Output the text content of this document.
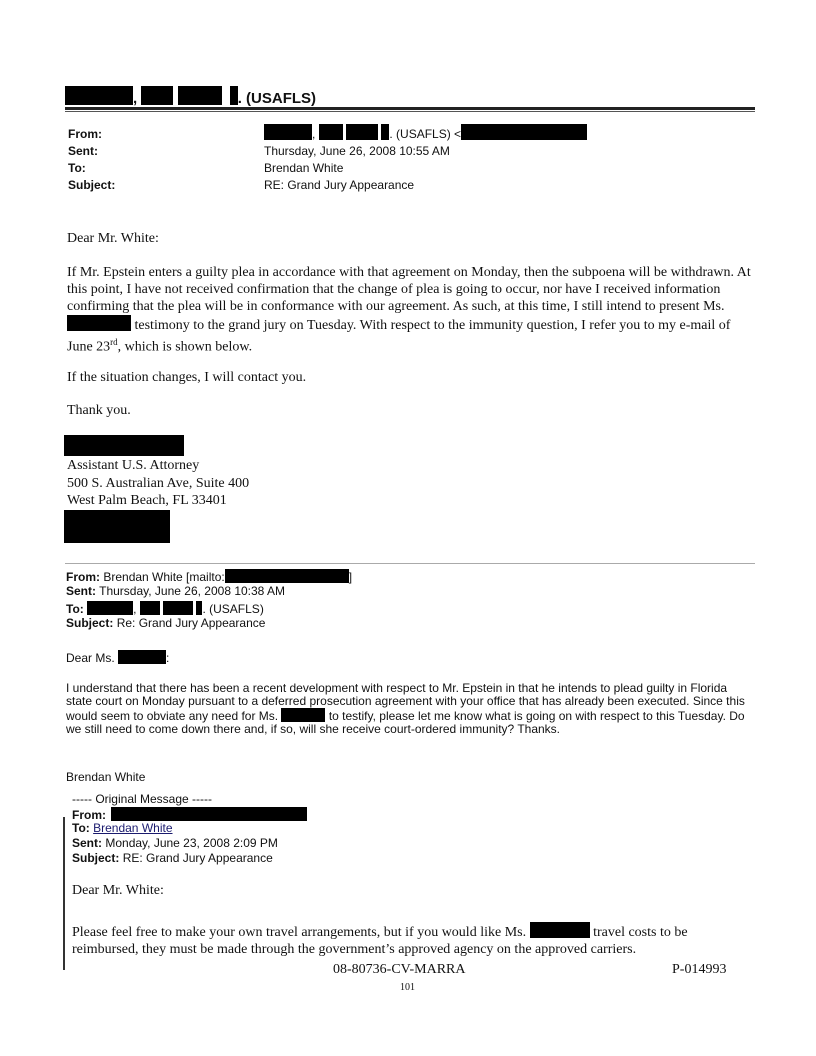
,	. (USAFLS)
From:	,	. (USAFLS) <
Sent:	Thursday, June 26, 2008 10:55 AM
To:	Brendan White
Subject:	RE: Grand Jury Appearance
Dear Mr. White:
If Mr. Epstein enters a guilty plea in accordance with that agreement on Monday, then the subpoena will be withdrawn. At this point, I have not received confirmation that the change of plea is going to occur, nor have I received information confirming that the plea will be in conformance with our agreement. As such, at this time, I still intend to present Ms.  testimony to the grand jury on Tuesday. With respect to the immunity question, I refer you to my e-mail of June 23rd, which is shown below.
If the situation changes, I will contact you.
Thank you.
Assistant U.S. Attorney
500 S. Australian Ave, Suite 400
West Palm Beach, FL 33401
From: Brendan White [mailto:	]
Sent: Thursday, June 26, 2008 10:38 AM
To:	,	. (USAFLS)
Subject: Re: Grand Jury Appearance
Dear Ms.	:
I understand that there has been a recent development with respect to Mr. Epstein in that he intends to plead guilty in Florida state court on Monday pursuant to a deferred prosecution agreement with your office that has already been executed. Since this would seem to obviate any need for Ms.	to testify, please let me know what is going on with respect to this Tuesday. Do we still need to come down there and, if so, will she receive court-ordered immunity? Thanks.
Brendan White
----- Original Message -----
From:
To: Brendan White
Sent: Monday, June 23, 2008 2:09 PM
Subject: RE: Grand Jury Appearance
Dear Mr. White:
Please feel free to make your own travel arrangements, but if you would like Ms.	travel costs to be reimbursed, they must be made through the government’s approved agency on the approved carriers.
08-80736-CV-MARRA	P-014993
101
